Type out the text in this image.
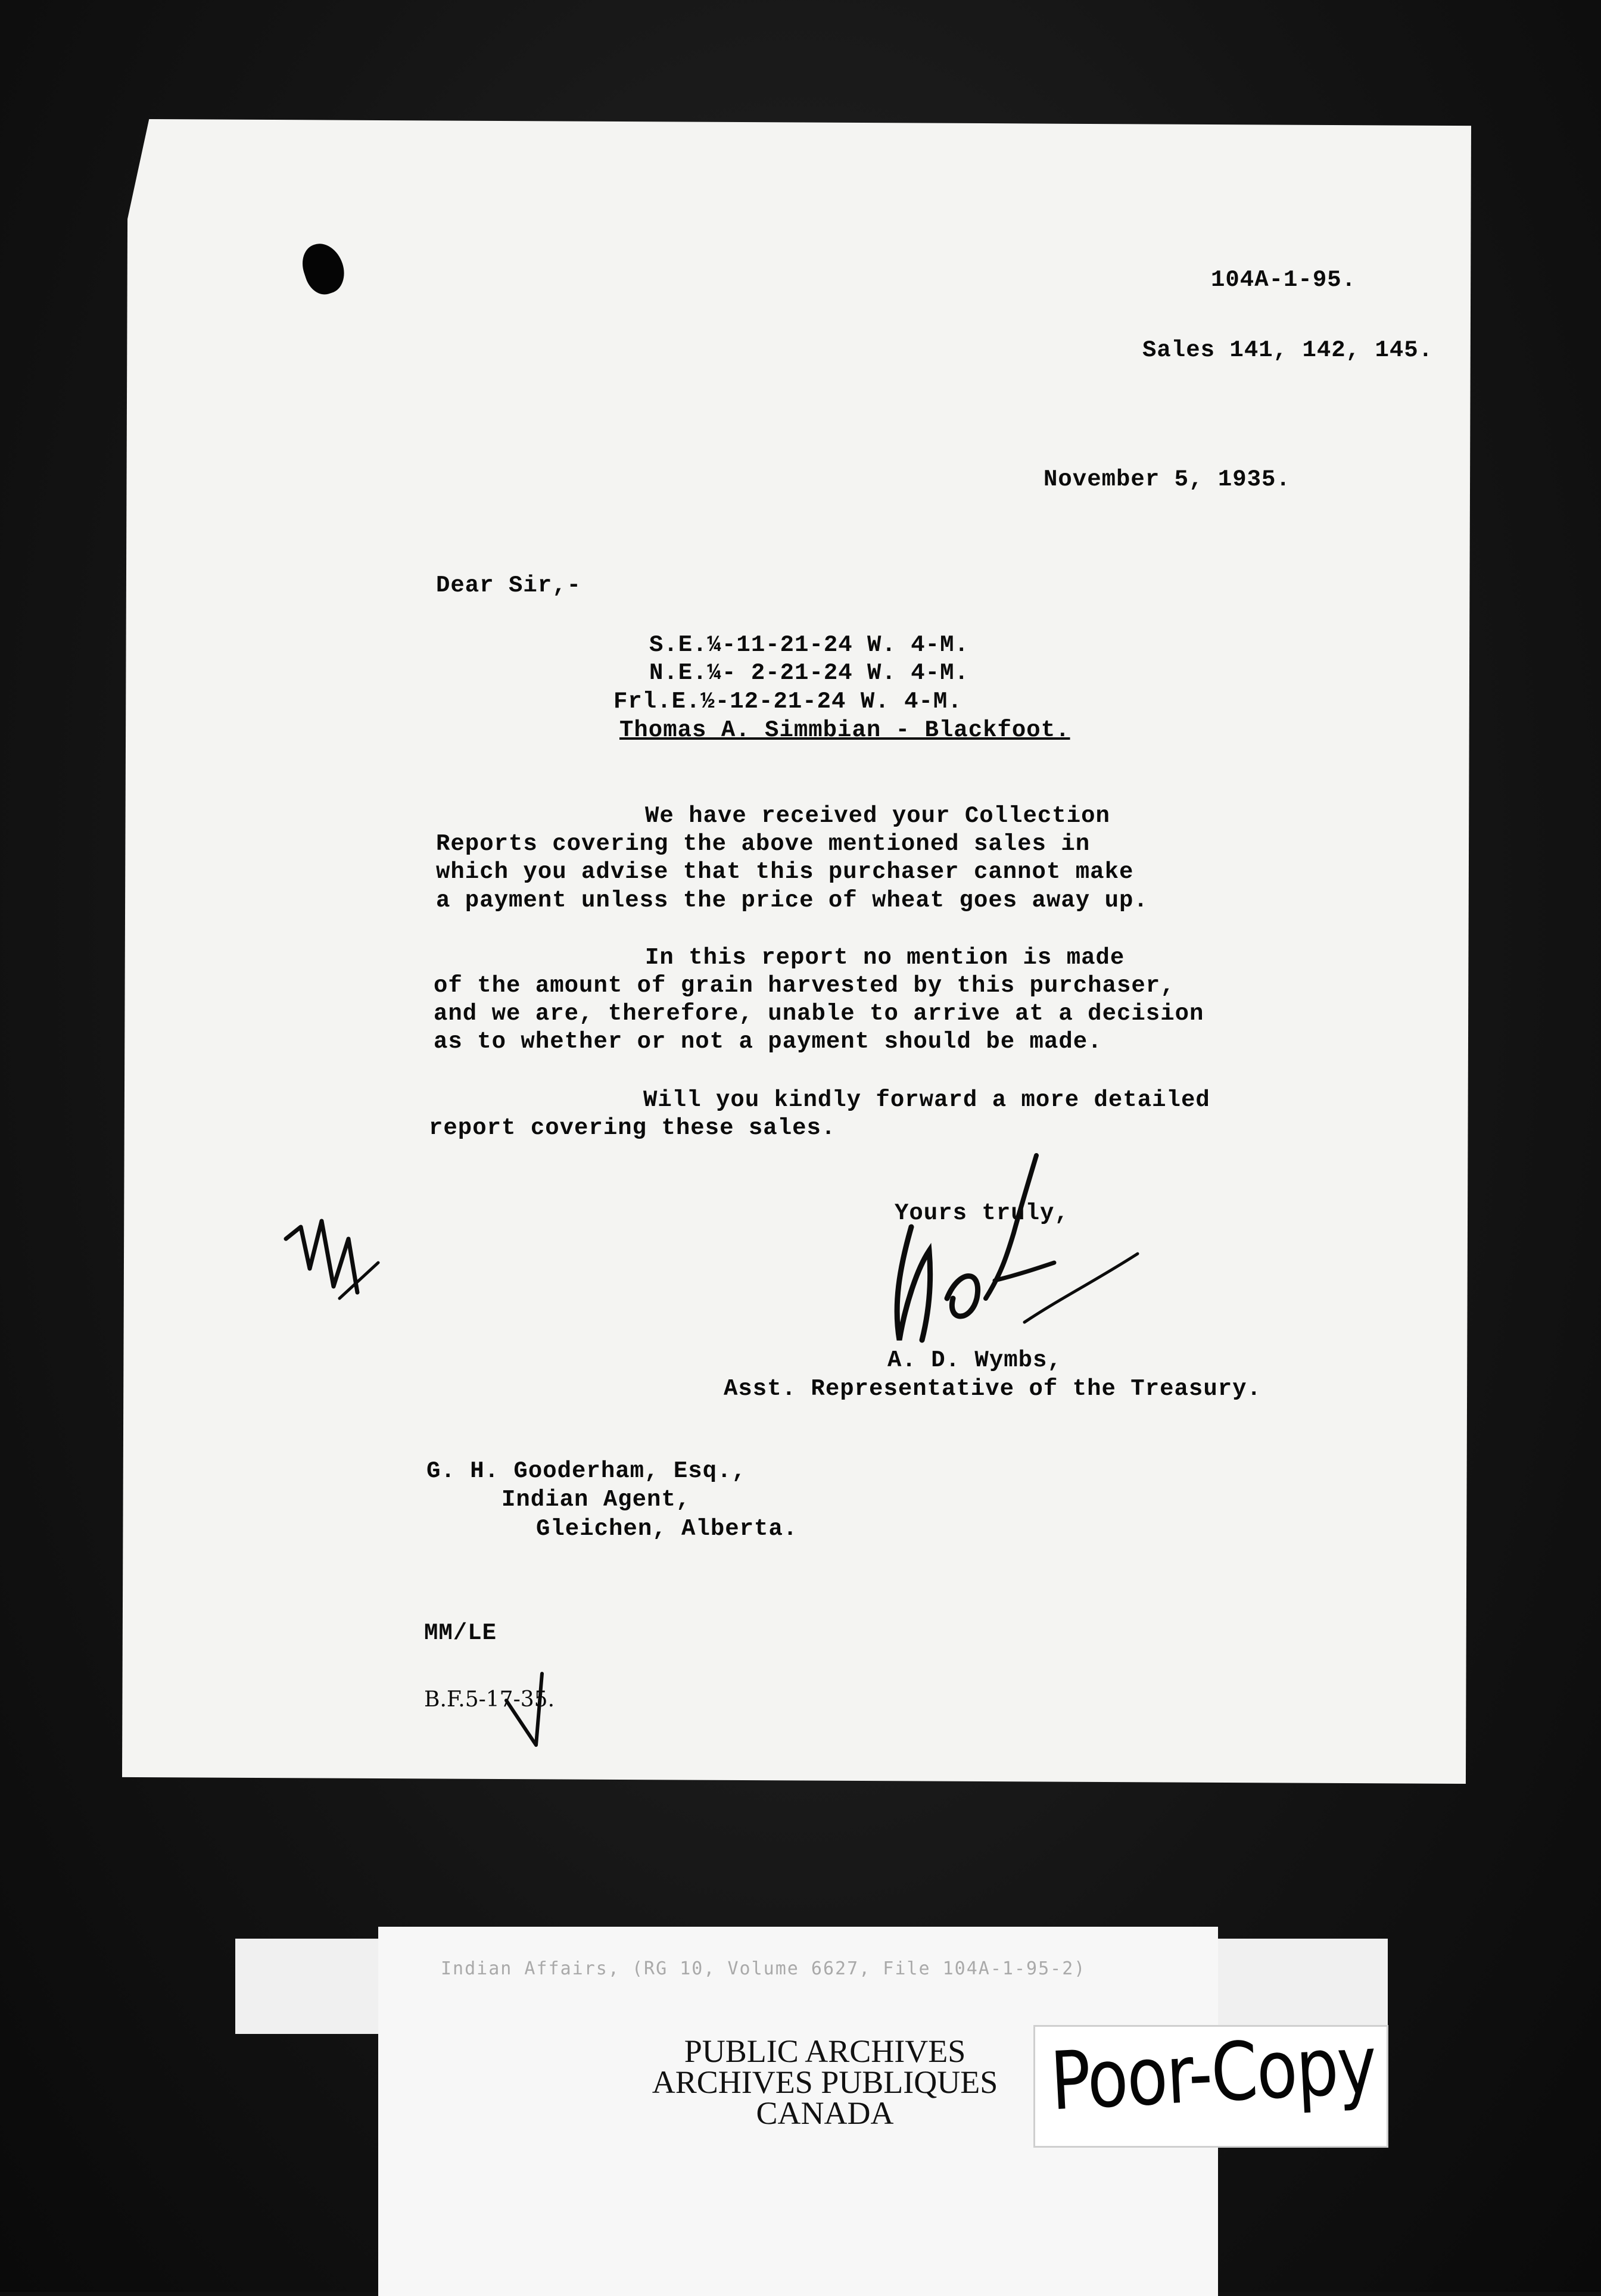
104A-1-95.
Sales 141, 142, 145.
November 5, 1935.
Dear Sir,-
S.E.¼-11-21-24 W. 4-M.
N.E.¼- 2-21-24 W. 4-M.
Frl.E.½-12-21-24 W. 4-M.
Thomas A. Simmbian - Blackfoot.
We have received your Collection
Reports covering the above mentioned sales in
which you advise that this purchaser cannot make
a payment unless the price of wheat goes away up.
In this report no mention is made
of the amount of grain harvested by this purchaser,
and we are, therefore, unable to arrive at a decision
as to whether or not a payment should be made.
Will you kindly forward a more detailed
report covering these sales.
Yours truly,
A. D. Wymbs,
Asst. Representative of the Treasury.
G. H. Gooderham, Esq.,
Indian Agent,
Gleichen, Alberta.
MM/LE
B.F.5-17-35.
Indian Affairs, (RG 10, Volume 6627, File 104A-1-95-2)
PUBLIC ARCHIVES
ARCHIVES PUBLIQUES
CANADA	Poor-Copy
